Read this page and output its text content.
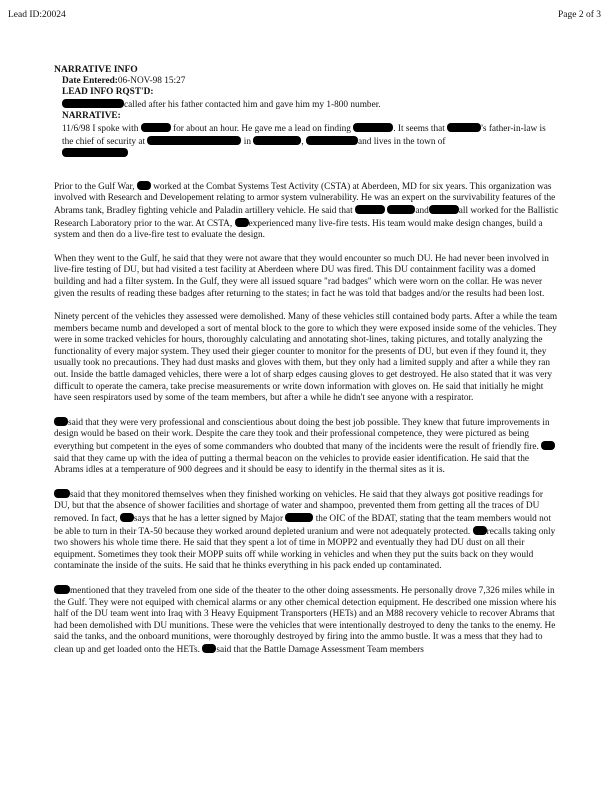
Lead ID:20024	Page 2 of 3
NARRATIVE INFO
Date Entered:06-NOV-98 15:27
LEAD INFO RQST'D:
called after his father contacted him and gave him my 1-800 number.
NARRATIVE:
11/6/98 I spoke with	for about an hour. He gave me a lead on finding	. It seems that	's father-in-law is the chief of security at	in	,	and lives in the town of

Prior to the Gulf War, worked at the Combat Systems Test Activity (CSTA) at Aberdeen, MD for six years. This organization was involved with Research and Developement relating to armor system vulnerability. He was an expert on the survivability features of the Abrams tank, Bradley fighting vehicle and Paladin artillery vehicle. He said that	and	all worked for the Ballistic Research Laboratory prior to the war. At CSTA, experienced many live-fire tests. His team would make design changes, build a system and then do a live-fire test to evaluate the design.

When they went to the Gulf, he said that they were not aware that they would encounter so much DU. He had never been involved in live-fire testing of DU, but had visited a test facility at Aberdeen where DU was fired. This DU containment facility was a domed building and had a filter system. In the Gulf, they were all issued square "rad badges" which were worn on the collar. He was never given the results of reading these badges after returning to the states; in fact he was told that badges and/or the results had been lost.

Ninety percent of the vehicles they assessed were demolished. Many of these vehicles still contained body parts. After a while the team members became numb and developed a sort of mental block to the gore to which they were exposed inside some of the vehicles. They were in some tracked vehicles for hours, thoroughly calculating and annotating shot-lines, taking pictures, and totally analyzing the functionality of every major system. They used their gieger counter to monitor for the presents of DU, but even if they found it, they usually took no precautions. They had dust masks and gloves with them, but they only had a limited supply and after a while they ran out. Inside the battle damaged vehicles, there were a lot of sharp edges causing gloves to get destroyed. He also stated that it was very difficult to operate the camera, take precise measurements or write down information with gloves on. He said that initially he might have seen respirators used by some of the team members, but after a while he didn't see anyone with a respirator.

said that they were very professional and conscientious about doing the best job possible. They knew that future improvements in design would be based on their work. Despite the care they took and their professional competence, they were pictured as being everything but competent in the eyes of some commanders who doubted that many of the incidents were the result of friendly fire. said that they came up with the idea of putting a thermal beacon on the vehicles to provide easier identification. He said that the Abrams idles at a temperature of 900 degrees and it should be easy to identify in the thermal sites as it is.

said that they monitored themselves when they finished working on vehicles. He said that they always got positive readings for DU, but that the absence of shower facilities and shortage of water and shampoo, prevented them from getting all the traces of DU removed. In fact, says that he has a letter signed by Major	the OIC of the BDAT, stating that the team members would not be able to turn in their TA-50 because they worked around depleted uranium and were not adequately protected. recalls taking only two showers his whole time there. He said that they spent a lot of time in MOPP2 and eventually they had DU dust on all their equipment. Sometimes they took their MOPP suits off while working in vehicles and when they put the suits back on they would contaminate the inside of the suits. He said that he thinks everything in his pack ended up contaminated.

mentioned that they traveled from one side of the theater to the other doing assessments. He personally drove 7,326 miles while in the Gulf. They were not equiped with chemical alarms or any other chemical detection equipment. He described one mission where his half of the DU team went into Iraq with 3 Heavy Equipment Transporters (HETs) and an M88 recovery vehicle to recover Abrams that had been demolished with DU munitions. These were the vehicles that were intentionally destroyed to deny the tanks to the enemy. He said the tanks, and the onboard munitions, were thoroughly destroyed by firing into the ammo bustle. It was a mess that they had to clean up and get loaded onto the HETs. said that the Battle Damage Assessment Team members
